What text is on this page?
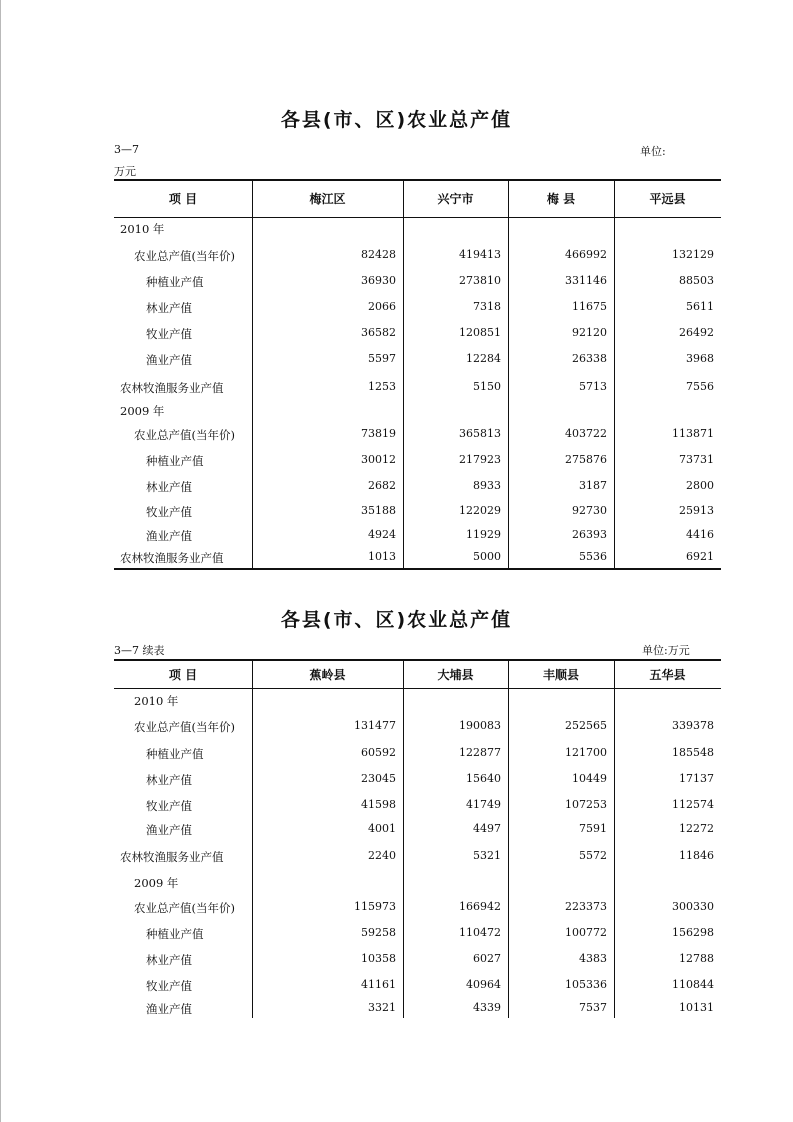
各县(市、区)农业总产值
3—7	单位:
万元
项 目	梅江区	兴宁市	梅 县	平远县
2010 年
农业总产值(当年价)	82428	419413	466992	132129
种植业产值	36930	273810	331146	88503
林业产值	2066	7318	11675	5611
牧业产值	36582	120851	92120	26492
渔业产值	5597	12284	26338	3968
农林牧渔服务业产值	1253	5150	5713	7556
2009 年
农业总产值(当年价)	73819	365813	403722	113871
种植业产值	30012	217923	275876	73731
林业产值	2682	8933	3187	2800
牧业产值	35188	122029	92730	25913
渔业产值	4924	11929	26393	4416
农林牧渔服务业产值	1013	5000	5536	6921
各县(市、区)农业总产值
3—7 续表	单位:万元
项 目	蕉岭县	大埔县	丰顺县	五华县
2010 年
农业总产值(当年价)	131477	190083	252565	339378
种植业产值	60592	122877	121700	185548
林业产值	23045	15640	10449	17137
牧业产值	41598	41749	107253	112574
渔业产值	4001	4497	7591	12272
农林牧渔服务业产值	2240	5321	5572	11846
2009 年
农业总产值(当年价)	115973	166942	223373	300330
种植业产值	59258	110472	100772	156298
林业产值	10358	6027	4383	12788
牧业产值	41161	40964	105336	110844
渔业产值	3321	4339	7537	10131
